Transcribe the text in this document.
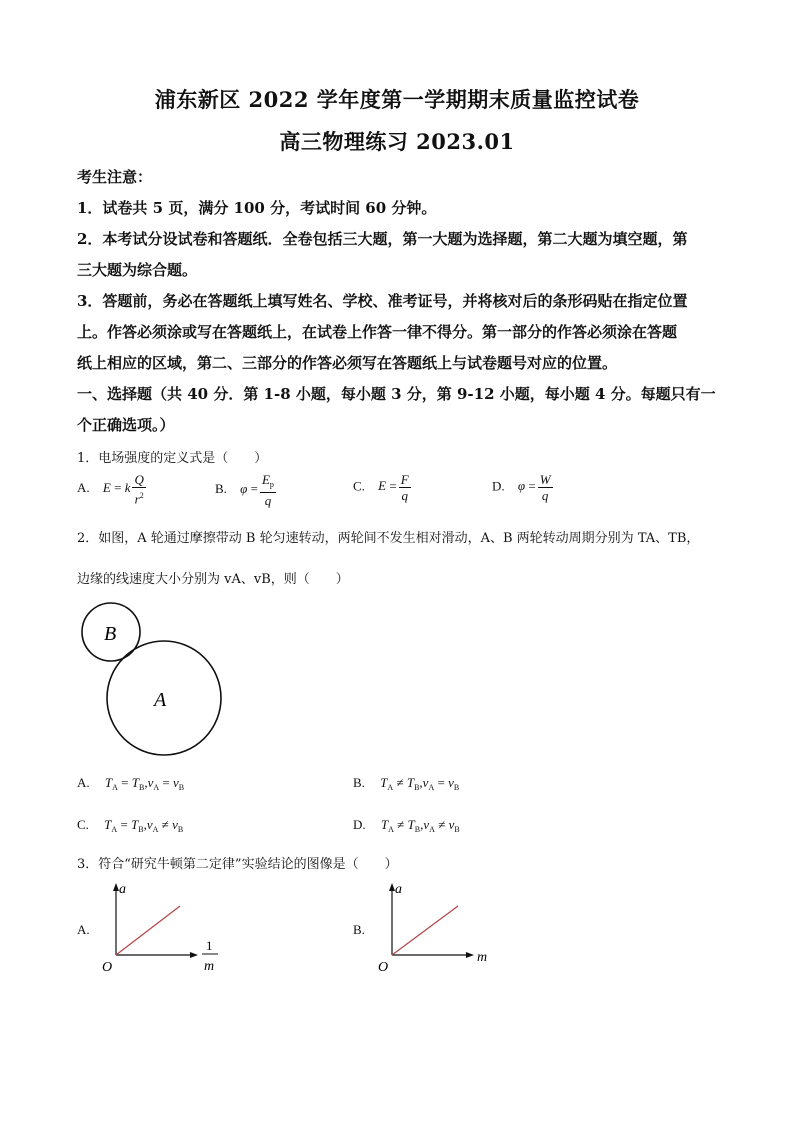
浦东新区 2022 学年度第一学期期末质量监控试卷
高三物理练习 2023.01
考生注意：
1．试卷共 5 页，满分 100 分，考试时间 60 分钟。
2．本考试分设试卷和答题纸．全卷包括三大题，第一大题为选择题，第二大题为填空题，第
三大题为综合题。
3．答题前，务必在答题纸上填写姓名、学校、准考证号，并将核对后的条形码贴在指定位置
上。作答必须涂或写在答题纸上，在试卷上作答一律不得分。第一部分的作答必须涂在答题
纸上相应的区域，第二、三部分的作答必须写在答题纸上与试卷题号对应的位置。
一、选择题（共 40 分．第 1-8 小题，每小题 3 分，第 9-12 小题，每小题 4 分。每题只有一
个正确选项。）
1．电场强度的定义式是（　　）
A. E = k $\frac{Q}{r^2}$	B. $\varphi = \frac{E_p}{q}$	C. $E = \frac{F}{q}$	D. $\varphi = \frac{W}{q}$
2．如图，A 轮通过摩擦带动 B 轮匀速转动，两轮间不发生相对滑动，A、B 两轮转动周期分别为 TA、TB，
边缘的线速度大小分别为 vA、vB，则（　　）
B
A
A. $T_A = T_B,v_A = v_B$	B. $T_A \ne T_B,v_A = v_B$
C. $T_A = T_B,v_A \ne v_B$	D. $T_A \ne T_B,v_A \ne v_B$
3．符合“研究牛顿第二定律”实验结论的图像是（　　）
A.
a
O
1
m
B.
a
O
m
